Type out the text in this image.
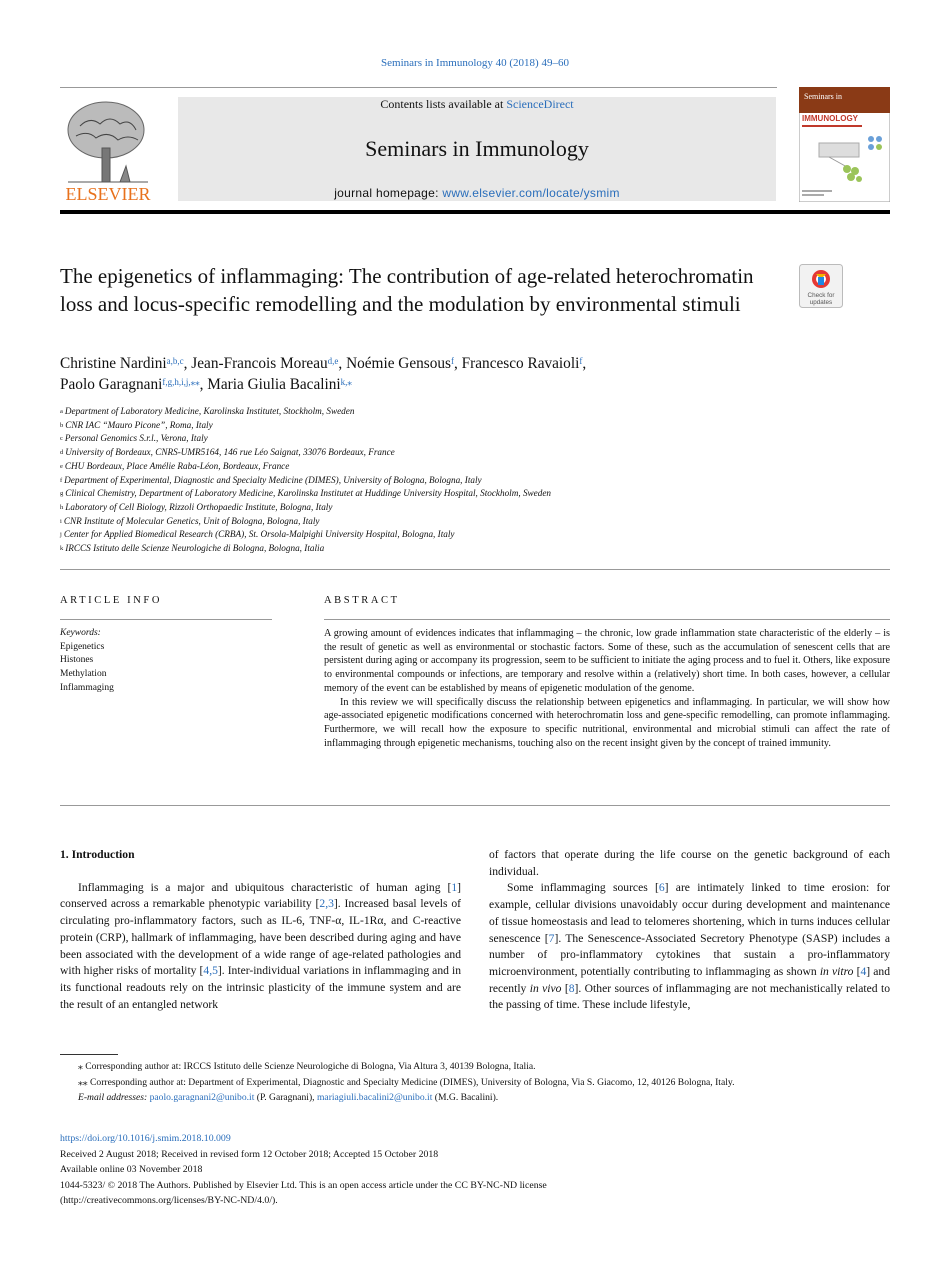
Seminars in Immunology 40 (2018) 49–60
ELSEVIER
Contents lists available at ScienceDirect
Seminars in Immunology
journal homepage: www.elsevier.com/locate/ysmim
Seminars in
IMMUNOLOGY
The epigenetics of inflammaging: The contribution of age-related heterochromatin loss and locus-specific remodelling and the modulation by environmental stimuli	Check for
updates
Christine Nardini$^{a,b,c}$, Jean-Francois Moreau$^{d,e}$, Noémie Gensous$^f$, Francesco Ravaioli$^f$,
Paolo Garagnani$^{f,g,h,i,j,⁎⁎}$, Maria Giulia Bacalini$^{k,⁎}$
$^a$ Department of Laboratory Medicine, Karolinska Institutet, Stockholm, Sweden
$^b$ CNR IAC “Mauro Picone”, Roma, Italy
$^c$ Personal Genomics S.r.l., Verona, Italy
$^d$ University of Bordeaux, CNRS-UMR5164, 146 rue Léo Saignat, 33076 Bordeaux, France
$^e$ CHU Bordeaux, Place Amélie Raba-Léon, Bordeaux, France
$^f$ Department of Experimental, Diagnostic and Specialty Medicine (DIMES), University of Bologna, Bologna, Italy
$^g$ Clinical Chemistry, Department of Laboratory Medicine, Karolinska Institutet at Huddinge University Hospital, Stockholm, Sweden
$^h$ Laboratory of Cell Biology, Rizzoli Orthopaedic Institute, Bologna, Italy
$^i$ CNR Institute of Molecular Genetics, Unit of Bologna, Bologna, Italy
$^j$ Center for Applied Biomedical Research (CRBA), St. Orsola-Malpighi University Hospital, Bologna, Italy
$^k$ IRCCS Istituto delle Scienze Neurologiche di Bologna, Bologna, Italia
ARTICLE INFO	ABSTRACT
Keywords:
Epigenetics
Histones
Methylation
Inflammaging

A growing amount of evidences indicates that inflammaging – the chronic, low grade inflammation state characteristic of the elderly – is the result of genetic as well as environmental or stochastic factors. Some of these, such as the accumulation of senescent cells that are persistent during aging or accompany its progression, seem to be sufficient to initiate the aging process and to fuel it. Others, like exposure to environmental compounds or infections, are temporary and resolve within a (relatively) short time. In both cases, however, a cellular memory of the event can be established by means of epigenetic modulation of the genome.

In this review we will specifically discuss the relationship between epigenetics and inflammaging. In particular, we will show how age-associated epigenetic modifications concerned with heterochromatin loss and gene-specific remodelling, can promote inflammaging. Furthermore, we will recall how the exposure to specific nutritional, environmental and microbial stimuli can affect the rate of inflammaging through epigenetic mechanisms, touching also on the recent insight given by the concept of trained immunity.

1. Introduction

Inflammaging is a major and ubiquitous characteristic of human aging [1] conserved across a remarkable phenotypic variability [2,3]. Increased basal levels of circulating pro-inflammatory factors, such as IL-6, TNF-α, IL-1Rα, and C-reactive protein (CRP), hallmark of inflammaging, have been described during aging and have been associated with the development of a wide range of age-related pathologies and with higher risks of mortality [4,5]. Inter-individual variations in inflammaging and in its functional readouts rely on the intrinsic plasticity of the immune system and are the result of an entangled network

of factors that operate during the life course on the genetic background of each individual.

Some inflammaging sources [6] are intimately linked to time erosion: for example, cellular divisions unavoidably occur during development and maintenance of tissue homeostasis and lead to telomeres shortening, which in turns induces cellular senescence [7]. The Senescence-Associated Secretory Phenotype (SASP) includes a number of pro-inflammatory cytokines that sustain a pro-inflammatory microenvironment, potentially contributing to inflammaging as shown in vitro [4] and recently in vivo [8]. Other sources of inflammaging are not mechanistically related to the passing of time. These include lifestyle,

⁎ Corresponding author at: IRCCS Istituto delle Scienze Neurologiche di Bologna, Via Altura 3, 40139 Bologna, Italia.
⁎⁎ Corresponding author at: Department of Experimental, Diagnostic and Specialty Medicine (DIMES), University of Bologna, Via S. Giacomo, 12, 40126 Bologna, Italy.
E-mail addresses: paolo.garagnani2@unibo.it (P. Garagnani), mariagiuli.bacalini2@unibo.it (M.G. Bacalini).
https://doi.org/10.1016/j.smim.2018.10.009
Received 2 August 2018; Received in revised form 12 October 2018; Accepted 15 October 2018
Available online 03 November 2018
1044-5323/ © 2018 The Authors. Published by Elsevier Ltd. This is an open access article under the CC BY-NC-ND license
(http://creativecommons.org/licenses/BY-NC-ND/4.0/).
